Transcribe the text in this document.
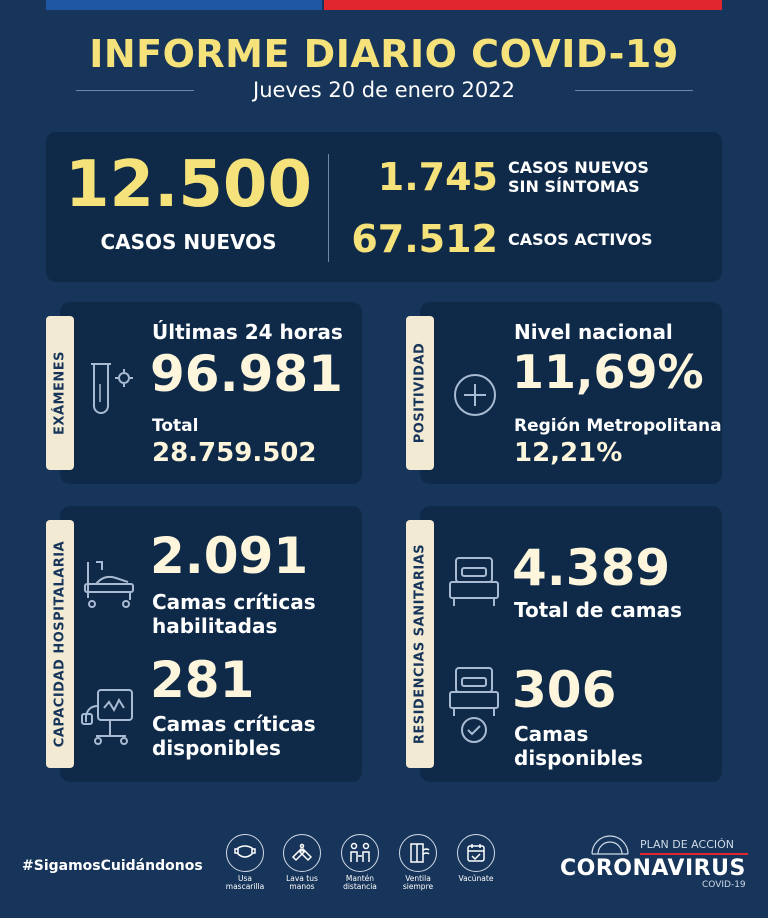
INFORME DIARIO COVID-19
Jueves 20 de enero 2022
12.500
CASOS NUEVOS
1.745 CASOS NUEVOS
SIN SÍNTOMAS
67.512 CASOS ACTIVOS
Últimas 24 horas
96.981
Total
28.759.502
EXÁMENES
Nivel nacional
11,69%
Región Metropolitana
12,21%
POSITIVIDAD
2.091
Camas críticas
habilitadas
281
Camas críticas
disponibles
CAPACIDAD HOSPITALARIA	4.389
Total de camas
306
Camas disponibles
RESIDENCIAS SANITARIAS
#SigamosCuidándonos
Usa
mascarilla
Lava tus
manos
Mantén
distancia
Ventila
siempre
Vacúnate
PLAN DE ACCIÓN
CORONAVIRUS
COVID-19
